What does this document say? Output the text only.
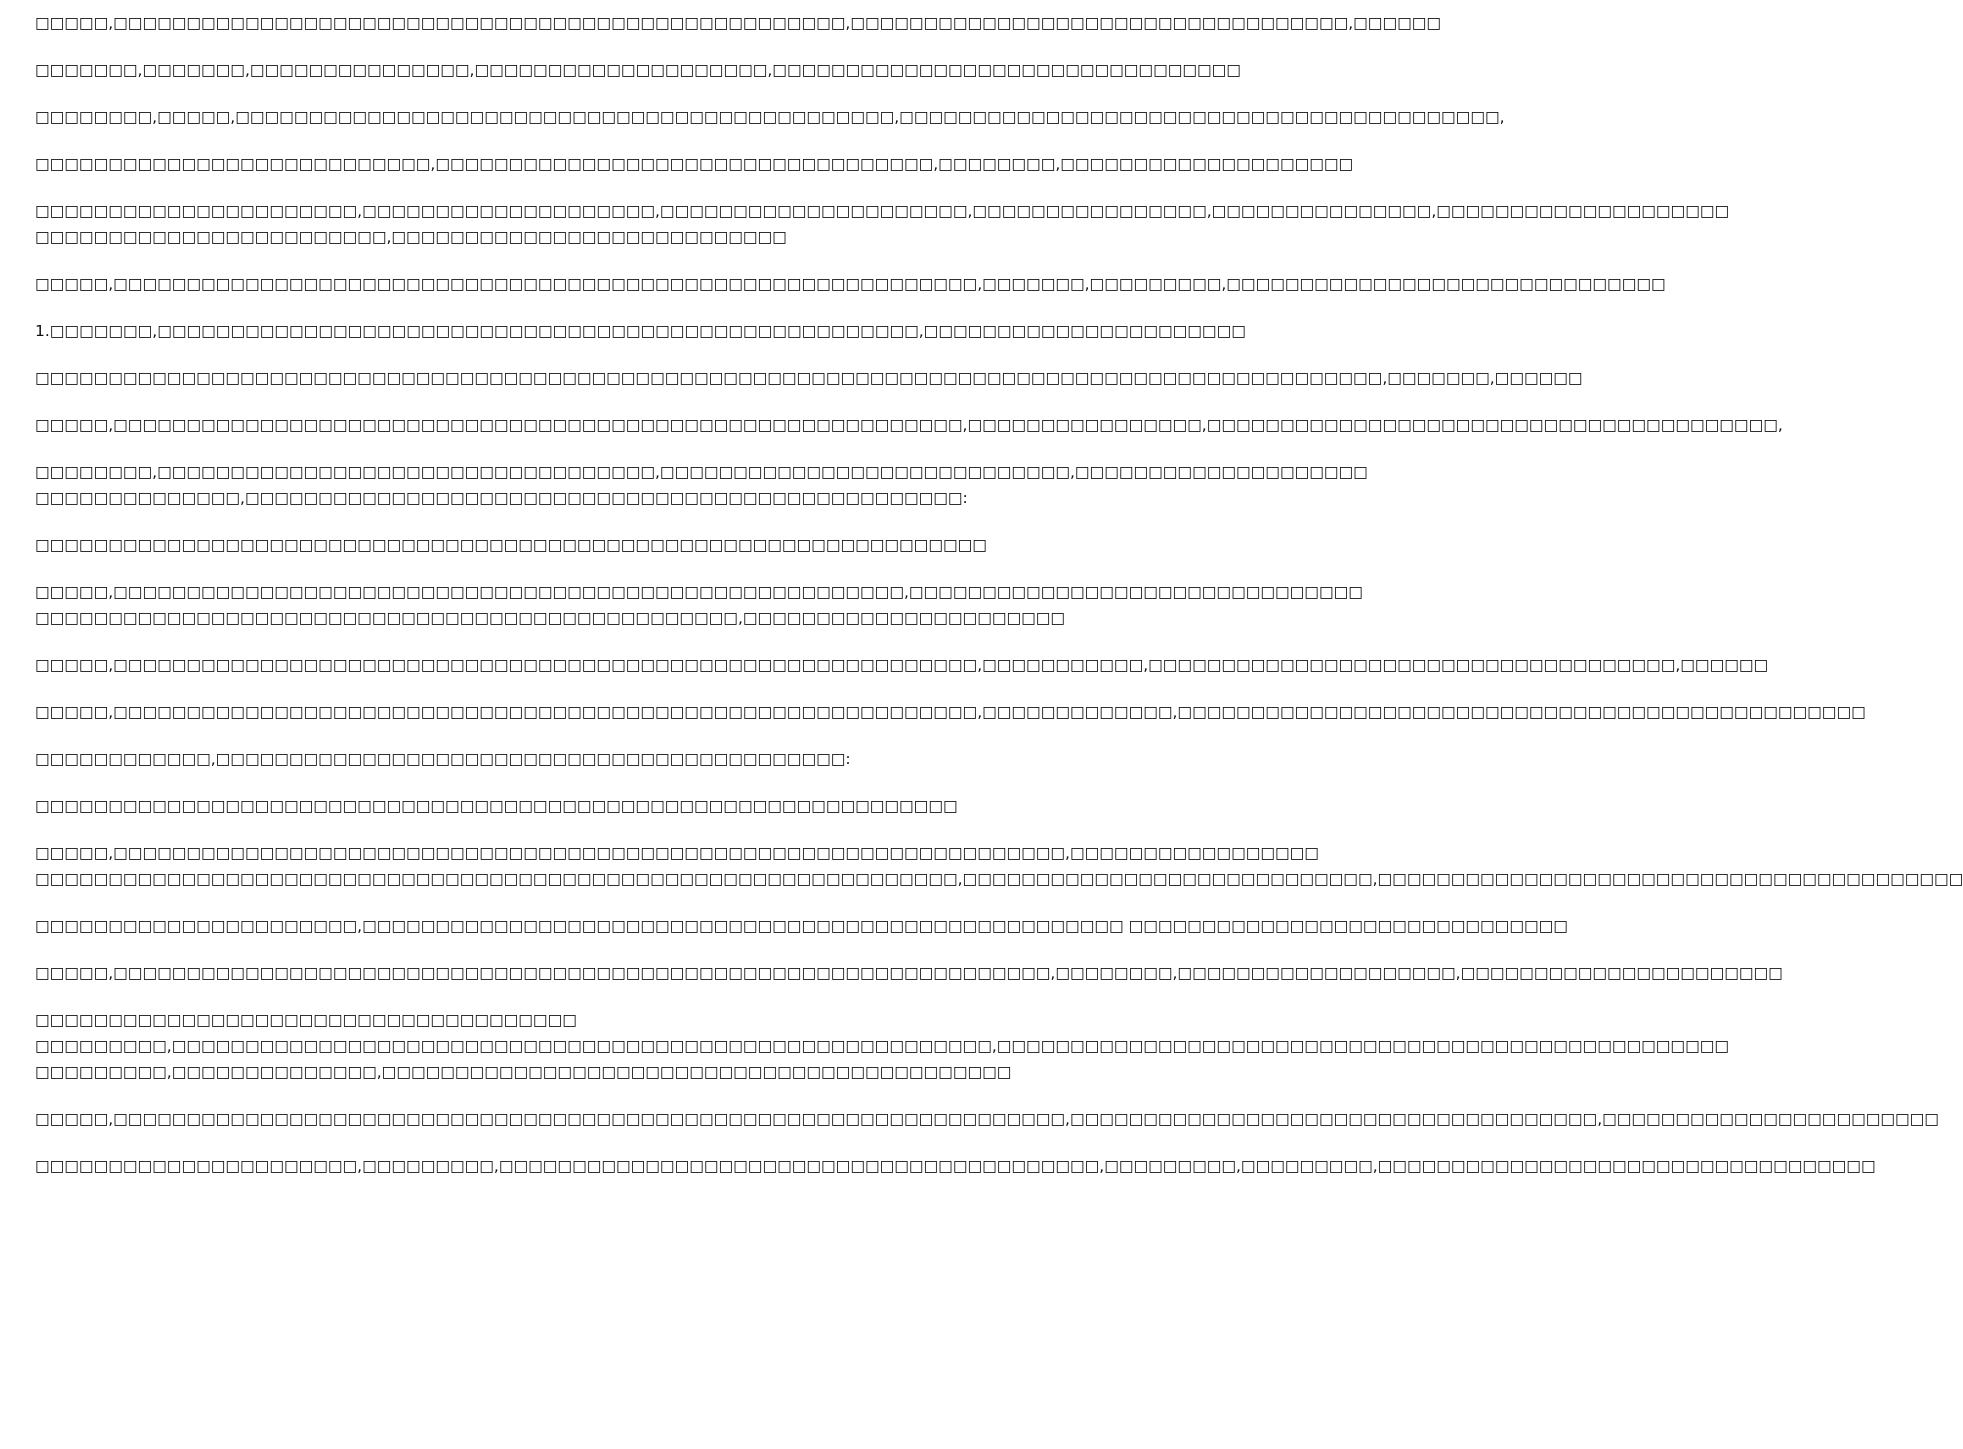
□□□□□,□□□□□□□□□□□□□□□□□□□□□□□□□□□□□□□□□□□□□□□□□□□□□□□□□□,□□□□□□□□□□□□□□□□□□□□□□□□□□□□□□□□□□,□□□□□□

□□□□□□□,□□□□□□□,□□□□□□□□□□□□□□□,□□□□□□□□□□□□□□□□□□□□,□□□□□□□□□□□□□□□□□□□□□□□□□□□□□□□□

□□□□□□□□,□□□□□,□□□□□□□□□□□□□□□□□□□□□□□□□□□□□□□□□□□□□□□□□□□□□,□□□□□□□□□□□□□□□□□□□□□□□□□□□□□□□□□□□□□□□□□,

□□□□□□□□□□□□□□□□□□□□□□□□□□□,□□□□□□□□□□□□□□□□□□□□□□□□□□□□□□□□□□,□□□□□□□□,□□□□□□□□□□□□□□□□□□□□

□□□□□□□□□□□□□□□□□□□□□□,□□□□□□□□□□□□□□□□□□□□,□□□□□□□□□□□□□□□□□□□□□,□□□□□□□□□□□□□□□□,□□□□□□□□□□□□□□□,□□□□□□□□□□□□□□□□□□□□
□□□□□□□□□□□□□□□□□□□□□□□□,□□□□□□□□□□□□□□□□□□□□□□□□□□□

□□□□□,□□□□□□□□□□□□□□□□□□□□□□□□□□□□□□□□□□□□□□□□□□□□□□□□□□□□□□□□□□□,□□□□□□□,□□□□□□□□□,□□□□□□□□□□□□□□□□□□□□□□□□□□□□□□

1.□□□□□□□,□□□□□□□□□□□□□□□□□□□□□□□□□□□□□□□□□□□□□□□□□□□□□□□□□□□□,□□□□□□□□□□□□□□□□□□□□□□

□□□□□□□□□□□□□□□□□□□□□□□□□□□□□□□□□□□□□□□□□□□□□□□□□□□□□□□□□□□□□□□□□□□□□□□□□□□□□□□□□□□□□□□□□□□□,□□□□□□□,□□□□□□

□□□□□,□□□□□□□□□□□□□□□□□□□□□□□□□□□□□□□□□□□□□□□□□□□□□□□□□□□□□□□□□□,□□□□□□□□□□□□□□□□,□□□□□□□□□□□□□□□□□□□□□□□□□□□□□□□□□□□□□□□,

□□□□□□□□,□□□□□□□□□□□□□□□□□□□□□□□□□□□□□□□□□□,□□□□□□□□□□□□□□□□□□□□□□□□□□□□,□□□□□□□□□□□□□□□□□□□□
□□□□□□□□□□□□□□,□□□□□□□□□□□□□□□□□□□□□□□□□□□□□□□□□□□□□□□□□□□□□□□□□:

□□□□□□□□□□□□□□□□□□□□□□□□□□□□□□□□□□□□□□□□□□□□□□□□□□□□□□□□□□□□□□□□□

□□□□□,□□□□□□□□□□□□□□□□□□□□□□□□□□□□□□□□□□□□□□□□□□□□□□□□□□□□□□,□□□□□□□□□□□□□□□□□□□□□□□□□□□□□□□
□□□□□□□□□□□□□□□□□□□□□□□□□□□□□□□□□□□□□□□□□□□□□□□□,□□□□□□□□□□□□□□□□□□□□□□

□□□□□,□□□□□□□□□□□□□□□□□□□□□□□□□□□□□□□□□□□□□□□□□□□□□□□□□□□□□□□□□□□,□□□□□□□□□□□,□□□□□□□□□□□□□□□□□□□□□□□□□□□□□□□□□□□□,□□□□□□

□□□□□,□□□□□□□□□□□□□□□□□□□□□□□□□□□□□□□□□□□□□□□□□□□□□□□□□□□□□□□□□□□,□□□□□□□□□□□□□,□□□□□□□□□□□□□□□□□□□□□□□□□□□□□□□□□□□□□□□□□□□□□□□

□□□□□□□□□□□□,□□□□□□□□□□□□□□□□□□□□□□□□□□□□□□□□□□□□□□□□□□□:

□□□□□□□□□□□□□□□□□□□□□□□□□□□□□□□□□□□□□□□□□□□□□□□□□□□□□□□□□□□□□□□

□□□□□,□□□□□□□□□□□□□□□□□□□□□□□□□□□□□□□□□□□□□□□□□□□□□□□□□□□□□□□□□□□□□□□□□,□□□□□□□□□□□□□□□□□
□□□□□□□□□□□□□□□□□□□□□□□□□□□□□□□□□□□□□□□□□□□□□□□□□□□□□□□□□□□□□□□,□□□□□□□□□□□□□□□□□□□□□□□□□□□□,□□□□□□□□□□□□□□□□□□□□□□□□□□□□□□□□□□□□□□□□

□□□□□□□□□□□□□□□□□□□□□□,□□□□□□□□□□□□□□□□□□□□□□□□□□□□□□□□□□□□□□□□□□□□□□□□□□□□ □□□□□□□□□□□□□□□□□□□□□□□□□□□□□□

□□□□□,□□□□□□□□□□□□□□□□□□□□□□□□□□□□□□□□□□□□□□□□□□□□□□□□□□□□□□□□□□□□□□□□,□□□□□□□□,□□□□□□□□□□□□□□□□□□□,□□□□□□□□□□□□□□□□□□□□□□

□□□□□□□□□□□□□□□□□□□□□□□□□□□□□□□□□□□□□
□□□□□□□□□,□□□□□□□□□□□□□□□□□□□□□□□□□□□□□□□□□□□□□□□□□□□□□□□□□□□□□□□□,□□□□□□□□□□□□□□□□□□□□□□□□□□□□□□□□□□□□□□□□□□□□□□□□□□
□□□□□□□□□,□□□□□□□□□□□□□□,□□□□□□□□□□□□□□□□□□□□□□□□□□□□□□□□□□□□□□□□□□□

□□□□□,□□□□□□□□□□□□□□□□□□□□□□□□□□□□□□□□□□□□□□□□□□□□□□□□□□□□□□□□□□□□□□□□□,□□□□□□□□□□□□□□□□□□□□□□□□□□□□□□□□□□□□,□□□□□□□□□□□□□□□□□□□□□□□

□□□□□□□□□□□□□□□□□□□□□□,□□□□□□□□□,□□□□□□□□□□□□□□□□□□□□□□□□□□□□□□□□□□□□□□□□□,□□□□□□□□□,□□□□□□□□□,□□□□□□□□□□□□□□□□□□□□□□□□□□□□□□□□□□
